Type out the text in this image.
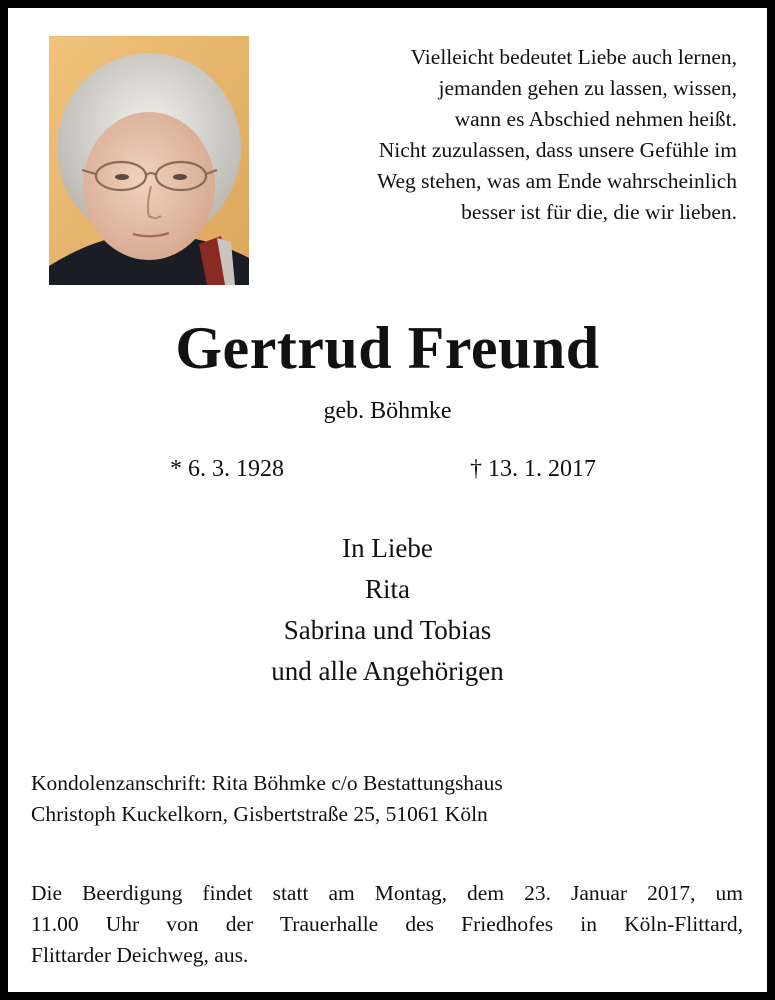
Vielleicht bedeutet Liebe auch lernen,
jemanden gehen zu lassen, wissen,
wann es Abschied nehmen heißt.
Nicht zuzulassen, dass unsere Gefühle im
Weg stehen, was am Ende wahrscheinlich
besser ist für die, die wir lieben.
Gertrud Freund
geb. Böhmke
* 6. 3. 1928	† 13. 1. 2017
In Liebe
Rita
Sabrina und Tobias
und alle Angehörigen
Kondolenzanschrift: Rita Böhmke c/o Bestattungshaus
Christoph Kuckelkorn, Gisbertstraße 25, 51061 Köln
Die Beerdigung findet statt am Montag, dem 23. Januar 2017, um
11.00 Uhr von der Trauerhalle des Friedhofes in Köln-Flittard,
Flittarder Deichweg, aus.
